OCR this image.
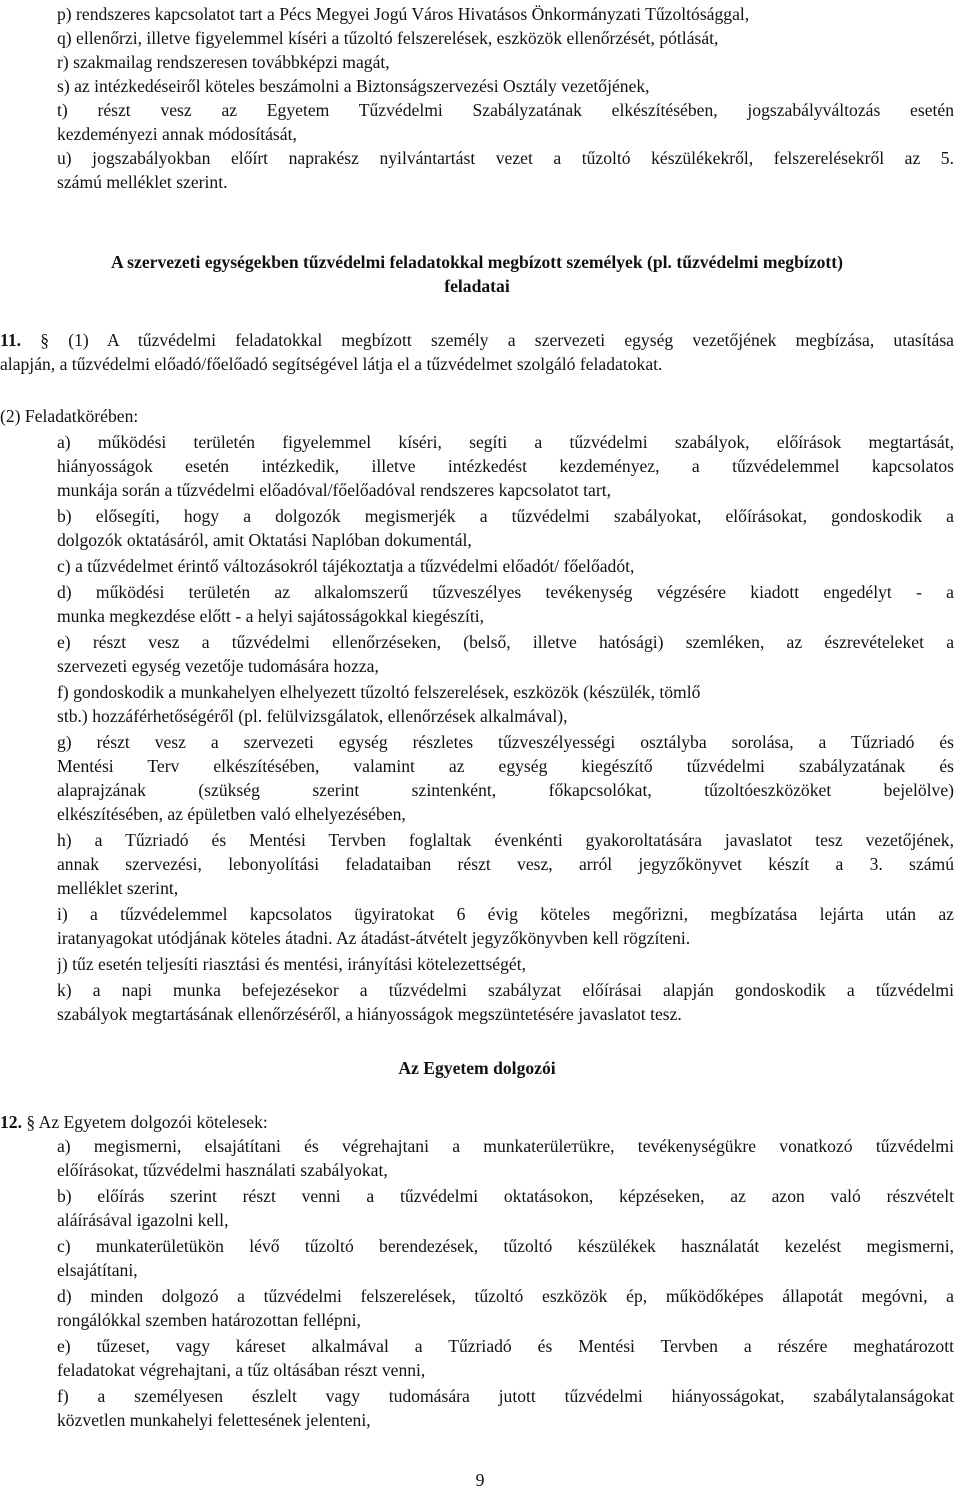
p) rendszeres kapcsolatot tart a Pécs Megyei Jogú Város Hivatásos Önkormányzati Tűzoltósággal,
q) ellenőrzi, illetve figyelemmel kíséri a tűzoltó felszerelések, eszközök ellenőrzését, pótlását,
r) szakmailag rendszeresen továbbképzi magát,
s) az intézkedéseiről köteles beszámolni a Biztonságszervezési Osztály vezetőjének,
t) részt vesz az Egyetem Tűzvédelmi Szabályzatának elkészítésében, jogszabályváltozás esetén
kezdeményezi annak módosítását,
u) jogszabályokban előírt naprakész nyilvántartást vezet a tűzoltó készülékekről, felszerelésekről az 5.
számú melléklet szerint.
A szervezeti egységekben tűzvédelmi feladatokkal megbízott személyek (pl. tűzvédelmi megbízott)
feladatai
11. § (1) A tűzvédelmi feladatokkal megbízott személy a szervezeti egység vezetőjének megbízása, utasítása
alapján, a tűzvédelmi előadó/főelőadó segítségével látja el a tűzvédelmet szolgáló feladatokat.
(2) Feladatkörében:
a) működési területén figyelemmel kíséri, segíti a tűzvédelmi szabályok, előírások megtartását,
hiányosságok esetén intézkedik, illetve intézkedést kezdeményez, a tűzvédelemmel kapcsolatos
munkája során a tűzvédelmi előadóval/főelőadóval rendszeres kapcsolatot tart,
b) elősegíti, hogy a dolgozók megismerjék a tűzvédelmi szabályokat, előírásokat, gondoskodik a
dolgozók oktatásáról, amit Oktatási Naplóban dokumentál,
c) a tűzvédelmet érintő változásokról tájékoztatja a tűzvédelmi előadót/ főelőadót,
d) működési területén az alkalomszerű tűzveszélyes tevékenység végzésére kiadott engedélyt - a
munka megkezdése előtt - a helyi sajátosságokkal kiegészíti,
e) részt vesz a tűzvédelmi ellenőrzéseken, (belső, illetve hatósági) szemléken, az észrevételeket a
szervezeti egység vezetője tudomására hozza,
f) gondoskodik a munkahelyen elhelyezett tűzoltó felszerelések, eszközök (készülék, tömlő
stb.) hozzáférhetőségéről (pl. felülvizsgálatok, ellenőrzések alkalmával),
g) részt vesz a szervezeti egység részletes tűzveszélyességi osztályba sorolása, a Tűzriadó és
Mentési Terv elkészítésében, valamint az egység kiegészítő tűzvédelmi szabályzatának és
alaprajzának (szükség szerint szintenként, főkapcsolókat, tűzoltóeszközöket bejelölve)
elkészítésében, az épületben való elhelyezésében,
h) a Tűzriadó és Mentési Tervben foglaltak évenkénti gyakoroltatására javaslatot tesz vezetőjének,
annak szervezési, lebonyolítási feladataiban részt vesz, arról jegyzőkönyvet készít a 3. számú
melléklet szerint,
i) a tűzvédelemmel kapcsolatos ügyiratokat 6 évig köteles megőrizni, megbízatása lejárta után az
iratanyagokat utódjának köteles átadni. Az átadást-átvételt jegyzőkönyvben kell rögzíteni.
j) tűz esetén teljesíti riasztási és mentési, irányítási kötelezettségét,
k) a napi munka befejezésekor a tűzvédelmi szabályzat előírásai alapján gondoskodik a tűzvédelmi
szabályok megtartásának ellenőrzéséről, a hiányosságok megszüntetésére javaslatot tesz.
Az Egyetem dolgozói
12. § Az Egyetem dolgozói kötelesek:
a) megismerni, elsajátítani és végrehajtani a munkaterülетükre, tevékenységükre vonatkozó tűzvédelmi
előírásokat, tűzvédelmi használati szabályokat,
b) előírás szerint részt venni a tűzvédelmi oktatásokon, képzéseken, az azon való részvételt
aláírásával igazolni kell,
c) munkaterületükön lévő tűzoltó berendezések, tűzoltó készülékek használatát kezelést megismerni,
elsajátítani,
d) minden dolgozó a tűzvédelmi felszerelések, tűzoltó eszközök ép, működőképes állapotát megóvni, a
rongálókkal szemben határozottan fellépni,
e) tűzeset, vagy káreset alkalmával a Tűzriadó és Mentési Tervben a részére meghatározott
feladatokat végrehajtani, a tűz oltásában részt venni,
f) a személyesen észlelt vagy tudomására jutott tűzvédelmi hiányosságokat, szabálytalanságokat
közvetlen munkahelyi felettesének jelenteni,
9
